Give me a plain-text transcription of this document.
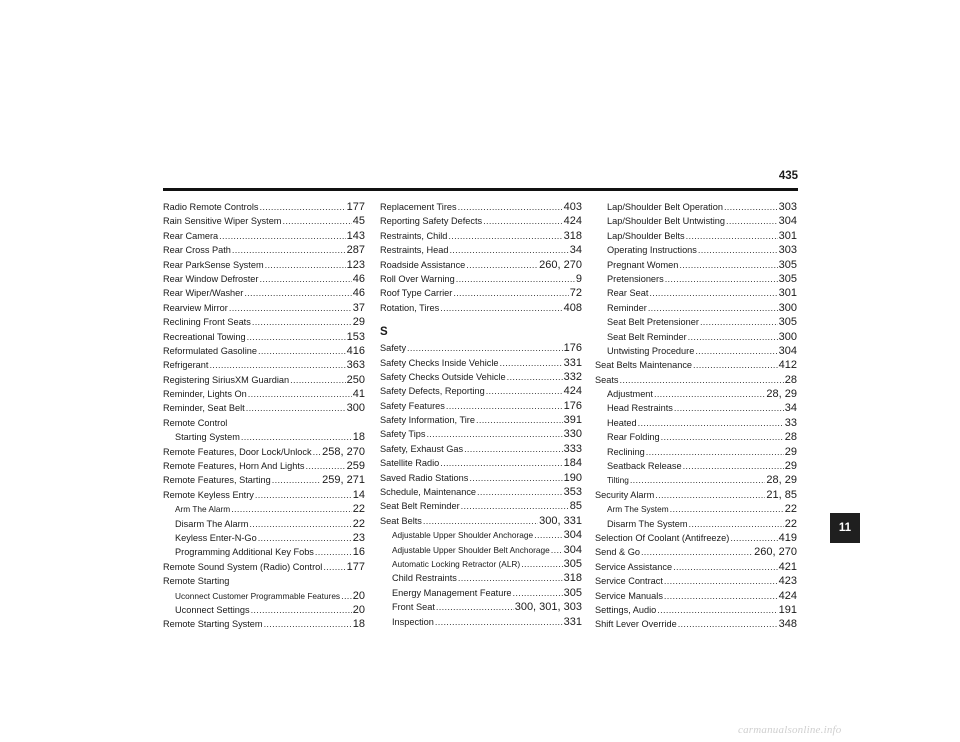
435
Radio Remote Controls .....	177
Rain Sensitive Wiper System .....	45
Rear Camera .....	143
Rear Cross Path .....	287
Rear ParkSense System .....	123
Rear Window Defroster .....	46
Rear Wiper/Washer .....	46
Rearview Mirror .....	37
Reclining Front Seats .....	29
Recreational Towing .....	153
Reformulated Gasoline .....	416
Refrigerant .....	363
Registering SiriusXM Guardian .....	250
Reminder, Lights On .....	41
Reminder, Seat Belt .....	300
Remote Control
Starting System .....	18
Remote Features, Door Lock/Unlock ..... 258, 270
Remote Features, Horn And Lights .....	259
Remote Features, Starting .....	259, 271
Remote Keyless Entry .....	14
Arm The Alarm .....	22
Disarm The Alarm .....	22
Keyless Enter-N-Go .....	23
Programming Additional Key Fobs .....	16
Remote Sound System (Radio) Control ..... 177
Remote Starting
Uconnect Customer Programmable Features ..... 20
Uconnect Settings .....	20
Remote Starting System .....	18
Replacement Tires .....	403
Reporting Safety Defects .....	424
Restraints, Child .....	318
Restraints, Head .....	34
Roadside Assistance .....	260, 270
Roll Over Warning .....	9
Roof Type Carrier .....	72
Rotation, Tires .....	408
S
Safety .....	176
Safety Checks Inside Vehicle .....	331
Safety Checks Outside Vehicle .....	332
Safety Defects, Reporting .....	424
Safety Features .....	176
Safety Information, Tire .....	391
Safety Tips .....	330
Safety, Exhaust Gas .....	333
Satellite Radio .....	184
Saved Radio Stations .....	190
Schedule, Maintenance .....	353
Seat Belt Reminder .....	85
Seat Belts .....	300, 331
Adjustable Upper Shoulder Anchorage .....	304
Adjustable Upper Shoulder Belt Anchorage ..... 304
Automatic Locking Retractor (ALR) .....	305
Child Restraints .....	318
Energy Management Feature .....	305
Front Seat .....	300, 301, 303
Inspection .....	331
Lap/Shoulder Belt Operation .....	303
Lap/Shoulder Belt Untwisting .....	304
Lap/Shoulder Belts .....	301
Operating Instructions .....	303
Pregnant Women .....	305
Pretensioners .....	305
Rear Seat .....	301
Reminder .....	300
Seat Belt Pretensioner .....	305
Seat Belt Reminder .....	300
Untwisting Procedure .....	304
Seat Belts Maintenance .....	412
Seats .....	28
Adjustment .....	28, 29
Head Restraints .....	34
Heated .....	33
Rear Folding .....	28
Reclining .....	29
Seatback Release .....	29
Tilting .....	28, 29
Security Alarm .....	21, 85
Arm The System .....	22
Disarm The System .....	22
Selection Of Coolant (Antifreeze) .....	419
Send & Go .....	260, 270
Service Assistance .....	421
Service Contract .....	423
Service Manuals .....	424
Settings, Audio .....	191
Shift Lever Override .....	348
11
carmanualsonline.info
